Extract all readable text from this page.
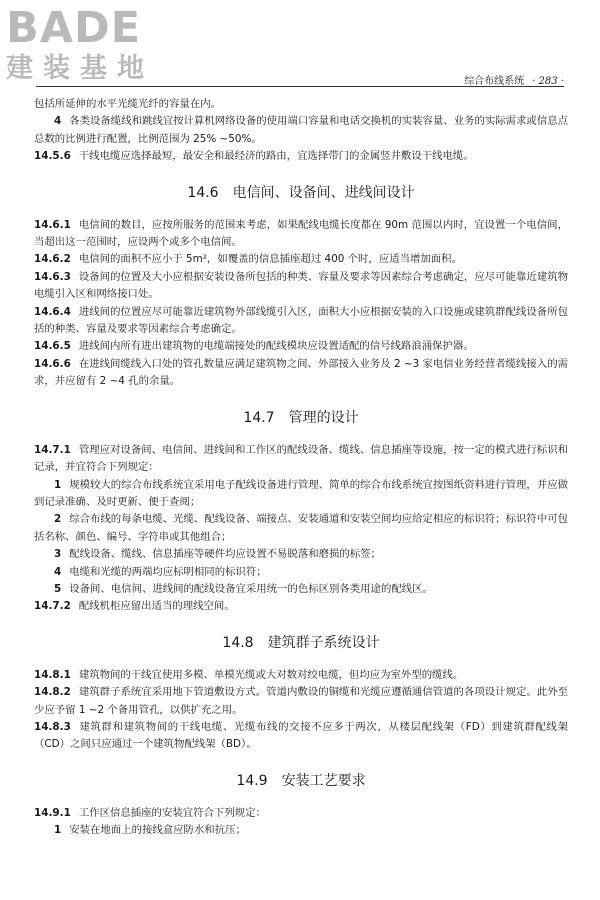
BADE
建装基地	综合布线系统 · 283 ·

包括所延伸的水平光缆光纤的容量在内。

4 各类设备缆线和跳线宜按计算机网络设备的使用端口容量和电话交换机的实装容量、业务的实际需求或信息点总数的比例进行配置，比例范围为 25% ~50%。

14.5.6 干线电缆应选择最短，最安全和最经济的路由，宜选择带门的金属竖井敷设干线电缆。

14.6 电信间、设备间、进线间设计

14.6.1 电信间的数目，应按所服务的范围来考虑，如果配线电缆长度都在 90m 范围以内时，宜设置一个电信间，当超出这一范围时，应设两个或多个电信间。

14.6.2 电信间的面积不应小于 5m²，如覆盖的信息插座超过 400 个时，应适当增加面积。

14.6.3 设备间的位置及大小应根据安装设备所包括的种类、容量及要求等因素综合考虑确定，应尽可能靠近建筑物电缆引入区和网络接口处。

14.6.4 进线间的位置应尽可能靠近建筑物外部线缆引入区，面积大小应根据安装的入口设施或建筑群配线设备所包括的种类、容量及要求等因素综合考虑确定。

14.6.5 进线间内所有进出建筑物的电缆端接处的配线模块应设置适配的信号线路浪涌保护器。

14.6.6 在进线间缆线入口处的管孔数量应满足建筑物之间、外部接入业务及 2 ~3 家电信业务经营者缆线接入的需求，并应留有 2 ~4 孔的余量。

14.7 管理的设计

14.7.1 管理应对设备间、电信间、进线间和工作区的配线设备、缆线、信息插座等设施，按一定的模式进行标识和记录，并宜符合下列规定：

1 规模较大的综合布线系统宜采用电子配线设备进行管理、简单的综合布线系统宜按图纸资料进行管理，并应做到记录准确、及时更新、便于查阅；

2 综合布线的每条电缆、光缆、配线设备、端接点、安装通道和安装空间均应给定相应的标识符；标识符中可包括名称、颜色、编号、字符串或其他组合；

3 配线设备、缆线、信息插座等硬件均应设置不易脱落和磨损的标签；

4 电缆和光缆的两端均应标明相同的标识符；

5 设备间、电信间、进线间的配线设备宜采用统一的色标区别各类用途的配线区。

14.7.2 配线机柜应留出适当的理线空间。

14.8 建筑群子系统设计

14.8.1 建筑物间的干线宜使用多模、单模光缆或大对数对绞电缆，但均应为室外型的缆线。

14.8.2 建筑群子系统宜采用地下管道敷设方式。管道内敷设的铜缆和光缆应遵循通信管道的各项设计规定。此外至少应予留 1 ~2 个备用管孔，以供扩充之用。

14.8.3 建筑群和建筑物间的干线电缆、光缆布线的交接不应多于两次，从楼层配线架（FD）到建筑群配线架（CD）之间只应通过一个建筑物配线架（BD）。

14.9 安装工艺要求

14.9.1 工作区信息插座的安装宜符合下列规定：

1 安装在地面上的接线盒应防水和抗压；
